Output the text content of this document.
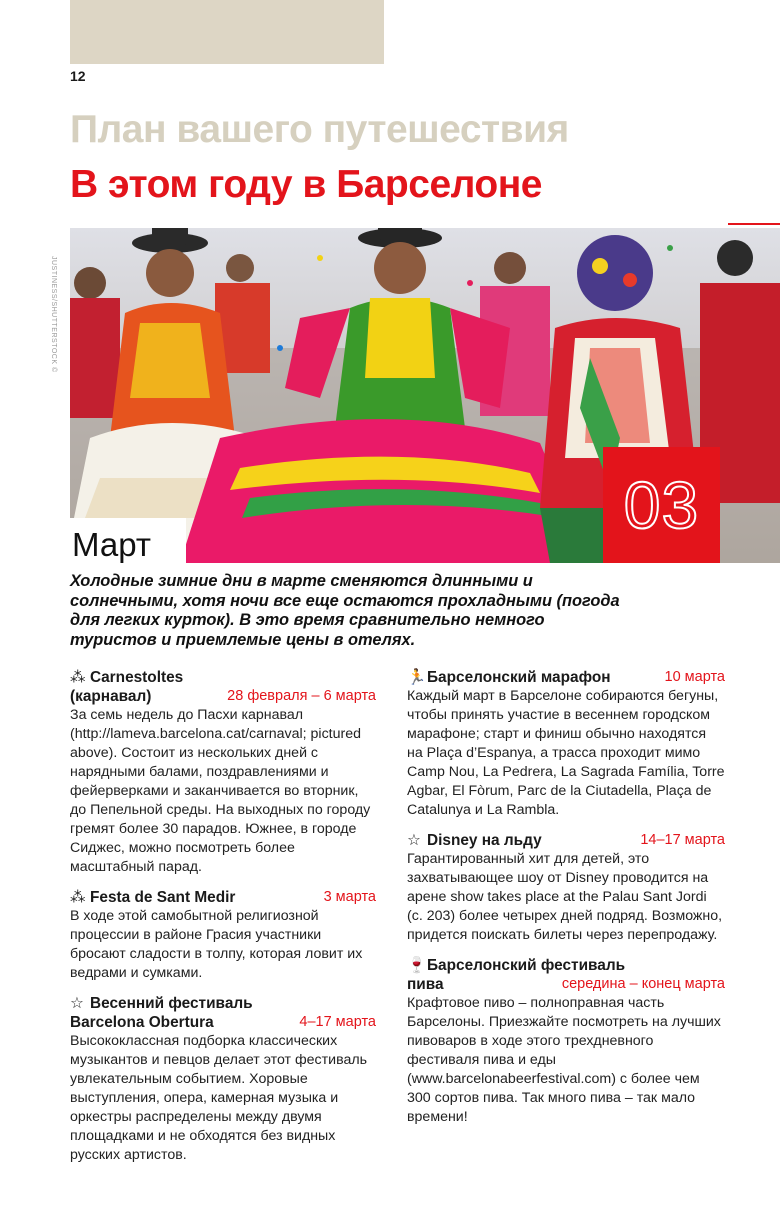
12
План вашего путешествия
В этом году в Барселоне
JUSTINESS/SHUTTERSTOCK ©
03
Март
Холодные зимние дни в марте сменяются длинными и солнечными, хотя ночи все еще остаются прохладными (погода для легких курток). В это время сравнительно немного туристов и приемлемые цены в отелях.
⁂ Carnestoltes
(карнавал)	28 февраля – 6 марта
За семь недель до Пасхи карнавал (http://lameva.barcelona.cat/carnaval; pictured above). Состоит из нескольких дней с нарядными балами, поздравлениями и фейерверками и заканчивается во вторник, до Пепельной среды. На выходных по городу гремят более 30 парадов. Южнее, в городе Сиджес, можно посмотреть более масштабный парад.
⁂ Festa de Sant Medir	3 марта
В ходе этой самобытной религиозной процессии в районе Грасия участники бросают сладости в толпу, которая ловит их ведрами и сумками.
☆ Весенний фестиваль
Barcelona Obertura	4–17 марта
Высококлассная подборка классических музыкантов и певцов делает этот фестиваль увлекательным событием. Хоровые выступления, опера, камерная музыка и оркестры распределены между двумя площадками и не обходятся без видных русских артистов.
🏃Барселонский марафон	10 марта
Каждый март в Барселоне собираются бегуны, чтобы принять участие в весеннем городском марафоне; старт и финиш обычно находятся на Plaça d’Espanya, а трасса проходит мимо Camp Nou, La Pedrera, La Sagrada Família, Torre Agbar, El Fòrum, Parc de la Ciutadella, Plaça de Catalunya и La Rambla.
☆ Disney на льду	14–17 марта
Гарантированный хит для детей, это захватывающее шоу от Disney проводится на арене show takes place at the Palau Sant Jordi (с. 203) более четырех дней подряд. Возможно, придется поискать билеты через перепродажу.
🍷Барселонский фестиваль
пива	середина – конец марта
Крафтовое пиво – полноправная часть Барселоны. Приезжайте посмотреть на лучших пивоваров в ходе этого трехдневного фестиваля пива и еды (www.barcelonabeerfestival.com) с более чем 300 сортов пива. Так много пива – так мало времени!
